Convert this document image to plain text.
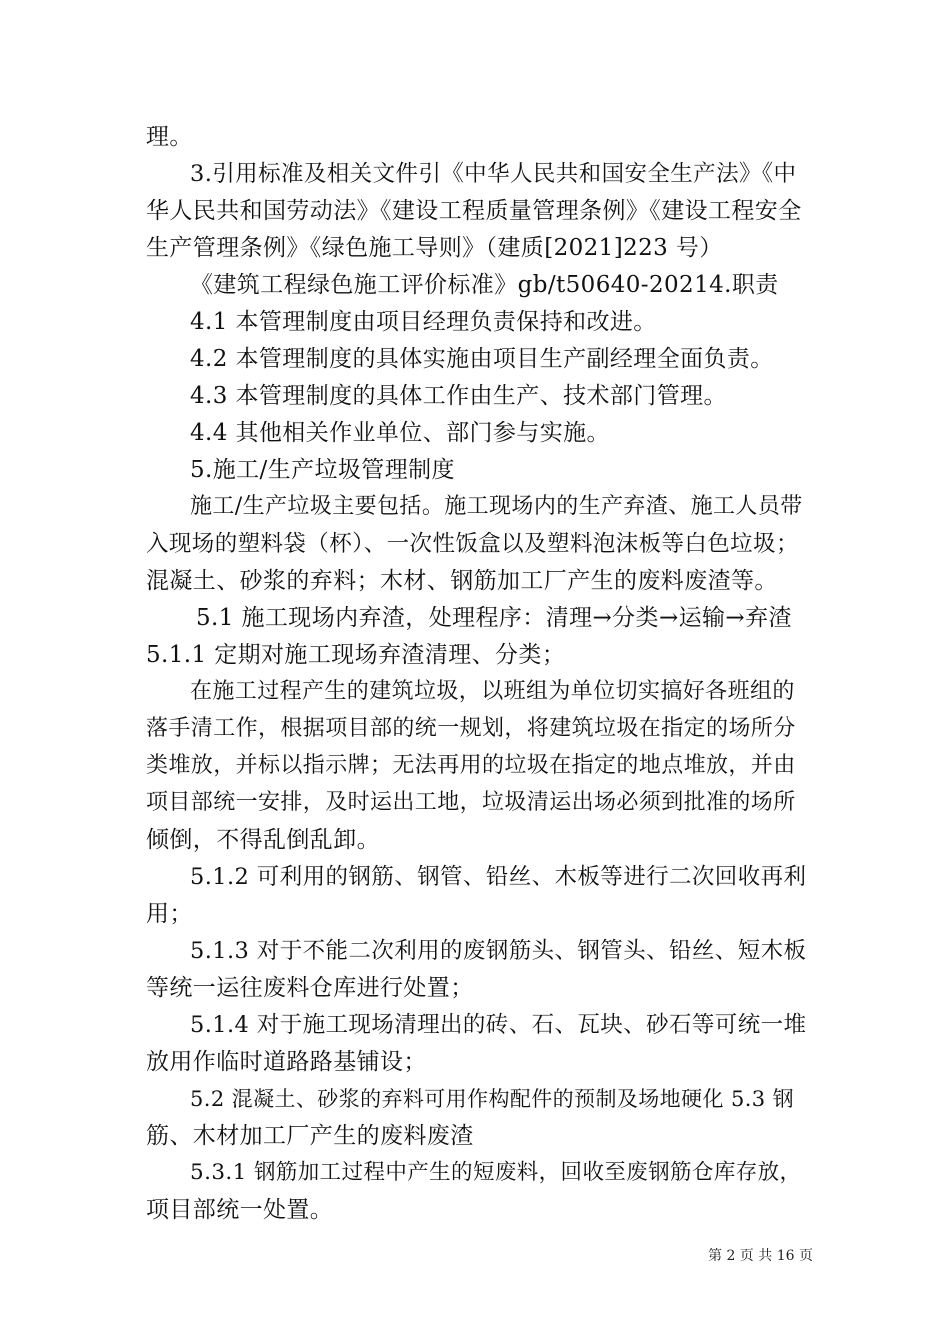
理。
3.引用标准及相关文件引《中华人民共和国安全生产法》《中
华人民共和国劳动法》《建设工程质量管理条例》《建设工程安全
生产管理条例》《绿色施工导则》（建质[2021]223 号）
《建筑工程绿色施工评价标准》gb/t50640-20214.职责
4.1 本管理制度由项目经理负责保持和改进。
4.2 本管理制度的具体实施由项目生产副经理全面负责。
4.3 本管理制度的具体工作由生产、技术部门管理。
4.4 其他相关作业单位、部门参与实施。
5.施工/生产垃圾管理制度
施工/生产垃圾主要包括。施工现场内的生产弃渣、施工人员带
入现场的塑料袋（杯）、一次性饭盒以及塑料泡沫板等白色垃圾；
混凝土、砂浆的弃料；木材、钢筋加工厂产生的废料废渣等。
5.1 施工现场内弃渣，处理程序：清理→分类→运输→弃渣
5.1.1 定期对施工现场弃渣清理、分类；
在施工过程产生的建筑垃圾，以班组为单位切实搞好各班组的
落手清工作，根据项目部的统一规划，将建筑垃圾在指定的场所分
类堆放，并标以指示牌；无法再用的垃圾在指定的地点堆放，并由
项目部统一安排，及时运出工地，垃圾清运出场必须到批准的场所
倾倒，不得乱倒乱卸。
5.1.2 可利用的钢筋、钢管、铅丝、木板等进行二次回收再利
用；
5.1.3 对于不能二次利用的废钢筋头、钢管头、铅丝、短木板
等统一运往废料仓库进行处置；
5.1.4 对于施工现场清理出的砖、石、瓦块、砂石等可统一堆
放用作临时道路路基铺设；
5.2 混凝土、砂浆的弃料可用作构配件的预制及场地硬化 5.3 钢
筋、木材加工厂产生的废料废渣
5.3.1 钢筋加工过程中产生的短废料，回收至废钢筋仓库存放，
项目部统一处置。
第 2 页 共 16 页
